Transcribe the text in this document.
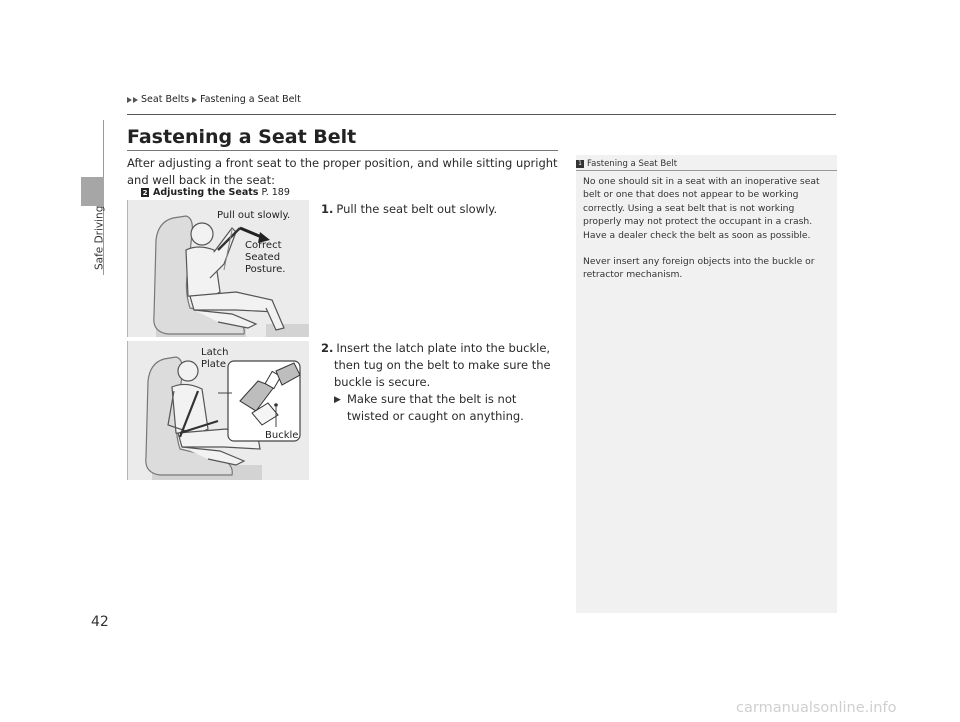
Safe Driving
Seat Belts Fastening a Seat Belt
Fastening a Seat Belt
After adjusting a front seat to the proper position, and while sitting upright and well back in the seat:
2 Adjusting the Seats P. 189
Pull out slowly.
Correct
Seated
Posture.
Latch
Plate
Buckle
1. Pull the seat belt out slowly.
2. Insert the latch plate into the buckle, then tug on the belt to make sure the buckle is secure.
▶ Make sure that the belt is not twisted or caught on anything.
1 Fastening a Seat Belt

No one should sit in a seat with an inoperative seat belt or one that does not appear to be working correctly. Using a seat belt that is not working properly may not protect the occupant in a crash. Have a dealer check the belt as soon as possible.

Never insert any foreign objects into the buckle or retractor mechanism.

42
carmanualsonline.info
